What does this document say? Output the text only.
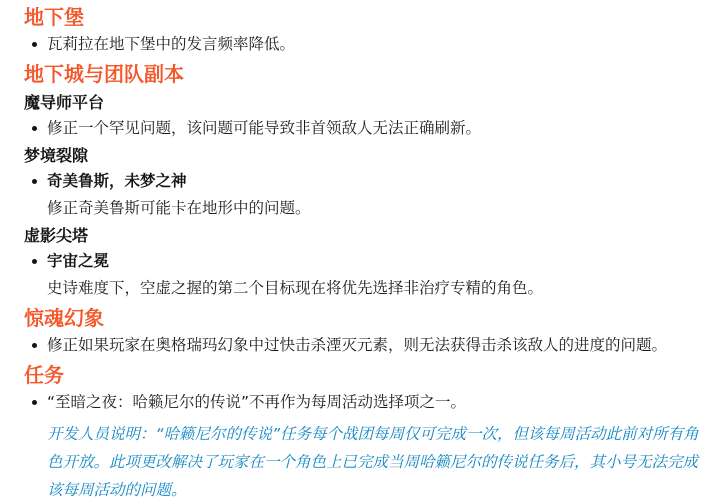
地下堡
瓦莉拉在地下堡中的发言频率降低。
地下城与团队副本
魔导师平台
修正一个罕见问题，该问题可能导致非首领敌人无法正确刷新。
梦境裂隙
奇美鲁斯，未梦之神

修正奇美鲁斯可能卡在地形中的问题。

虚影尖塔
宇宙之冕

史诗难度下，空虚之握的第二个目标现在将优先选择非治疗专精的角色。

惊魂幻象
修正如果玩家在奥格瑞玛幻象中过快击杀湮灭元素，则无法获得击杀该敌人的进度的问题。
任务
“至暗之夜：哈籁尼尔的传说”不再作为每周活动选择项之一。

开发人员说明：“哈籁尼尔的传说”任务每个战团每周仅可完成一次，但该每周活动此前对所有角色开放。此项更改解决了玩家在一个角色上已完成当周哈籁尼尔的传说任务后，其小号无法完成该每周活动的问题。
